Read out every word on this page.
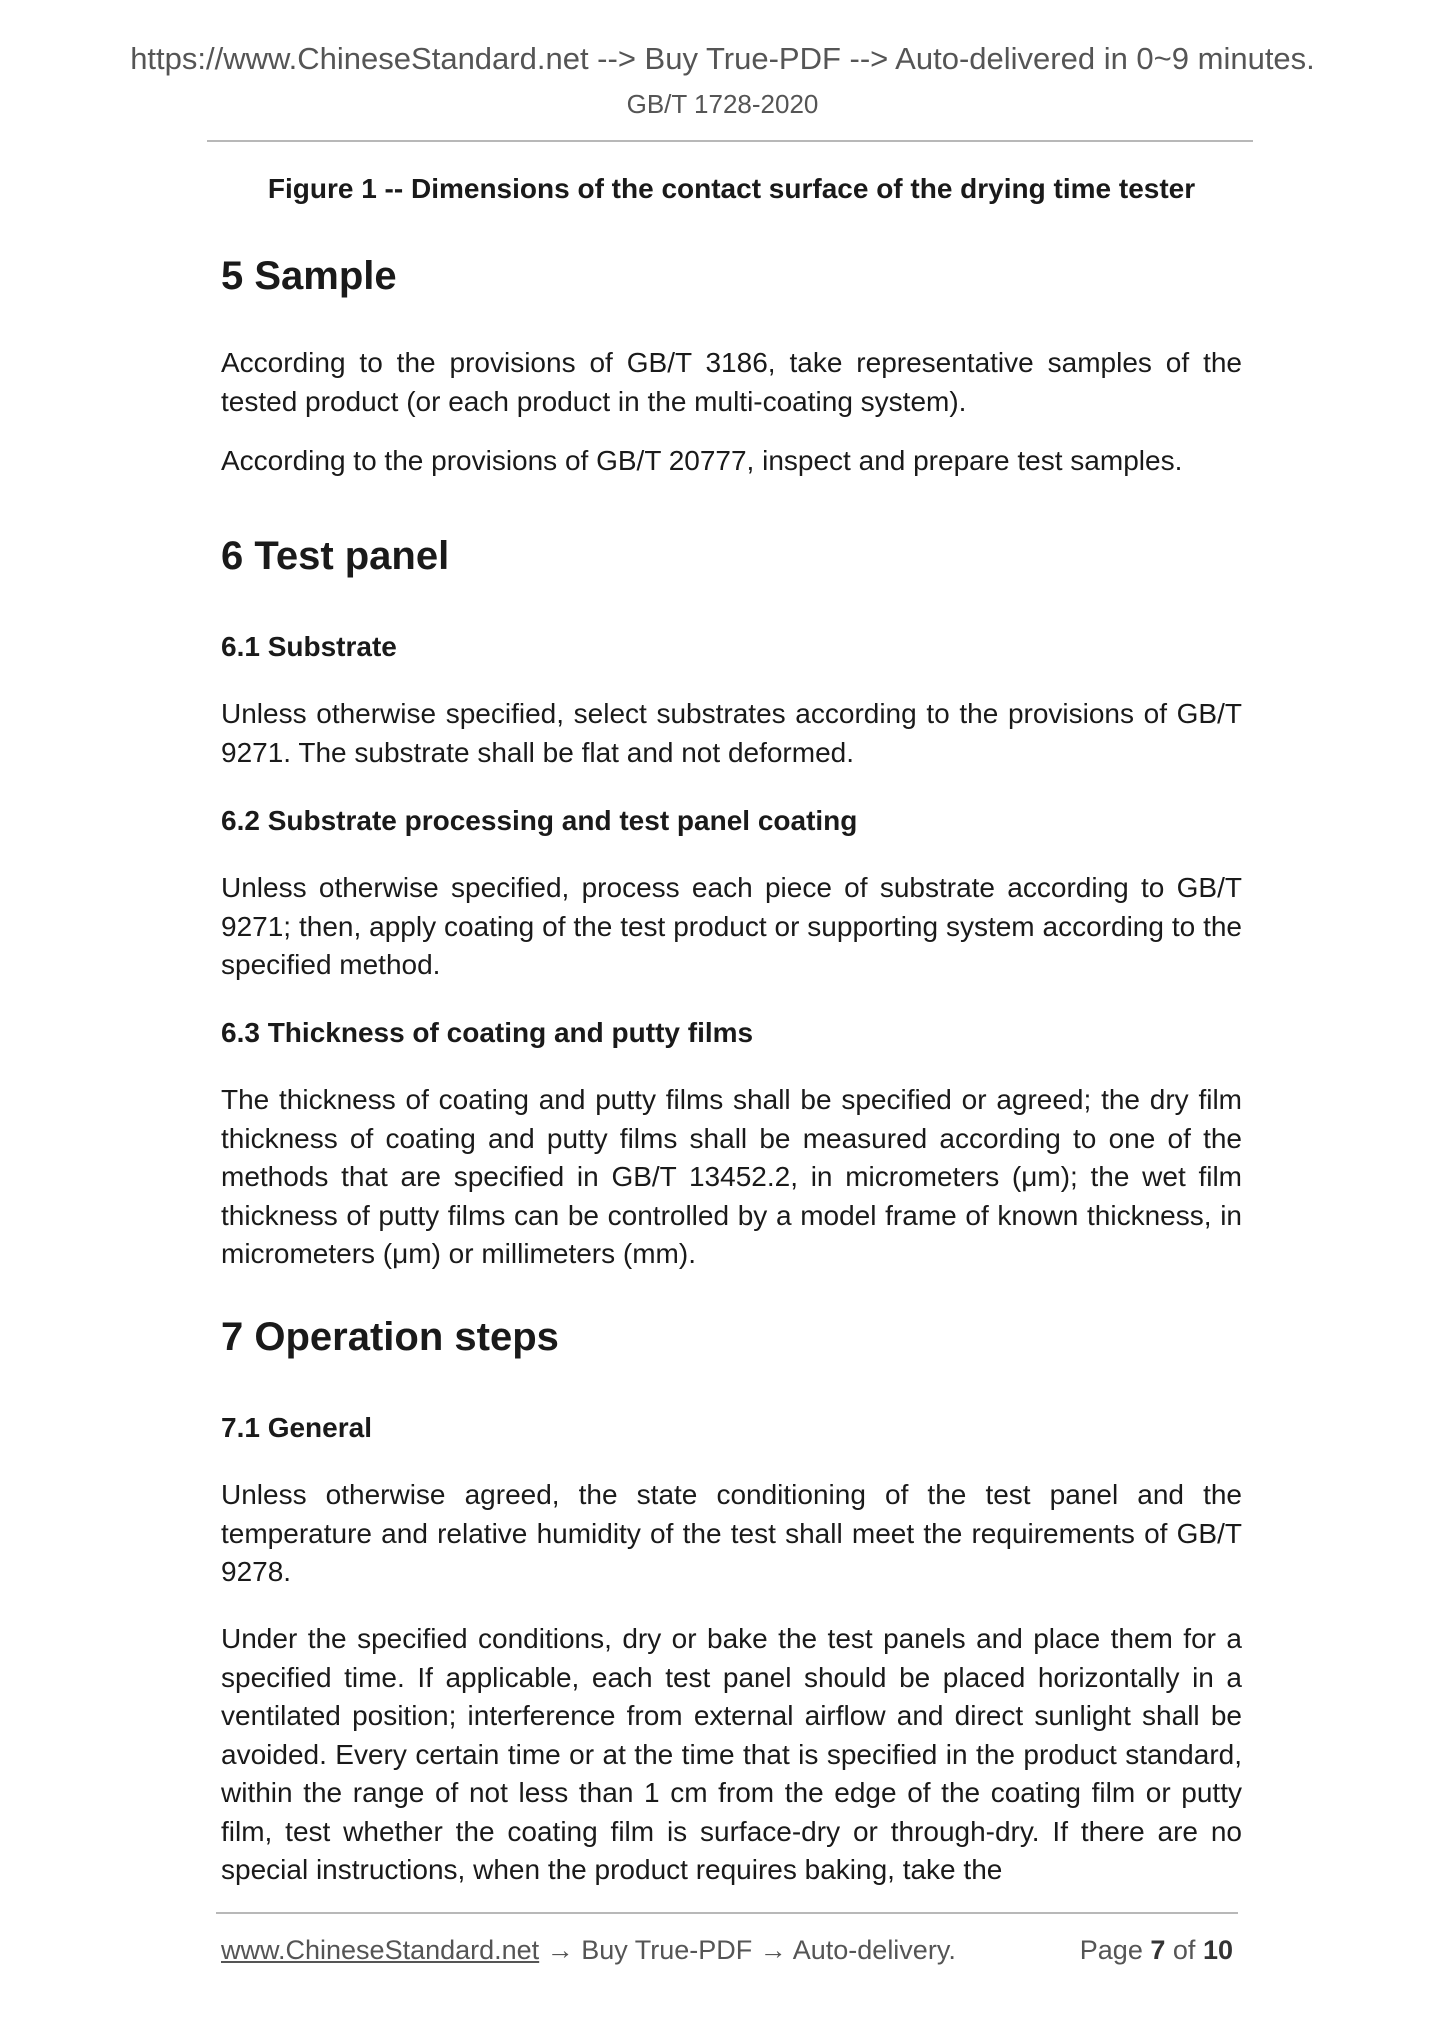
https://www.ChineseStandard.net --> Buy True-PDF --> Auto-delivered in 0~9 minutes.
GB/T 1728-2020

Figure 1 -- Dimensions of the contact surface of the drying time tester

5 Sample

According to the provisions of GB/T 3186, take representative samples of the tested product (or each product in the multi-coating system).

According to the provisions of GB/T 20777, inspect and prepare test samples.

6 Test panel
6.1 Substrate

Unless otherwise specified, select substrates according to the provisions of GB/T 9271. The substrate shall be flat and not deformed.

6.2 Substrate processing and test panel coating

Unless otherwise specified, process each piece of substrate according to GB/T 9271; then, apply coating of the test product or supporting system according to the specified method.

6.3 Thickness of coating and putty films

The thickness of coating and putty films shall be specified or agreed; the dry film thickness of coating and putty films shall be measured according to one of the methods that are specified in GB/T 13452.2, in micrometers (μm); the wet film thickness of putty films can be controlled by a model frame of known thickness, in micrometers (μm) or millimeters (mm).

7 Operation steps
7.1 General

Unless otherwise agreed, the state conditioning of the test panel and the temperature and relative humidity of the test shall meet the requirements of GB/T 9278.

Under the specified conditions, dry or bake the test panels and place them for a specified time. If applicable, each test panel should be placed horizontally in a ventilated position; interference from external airflow and direct sunlight shall be avoided. Every certain time or at the time that is specified in the product standard, within the range of not less than 1 cm from the edge of the coating film or putty film, test whether the coating film is surface-dry or through-dry. If there are no special instructions, when the product requires baking, take the

www.ChineseStandard.net → Buy True-PDF → Auto-delivery.	Page 7 of 10
